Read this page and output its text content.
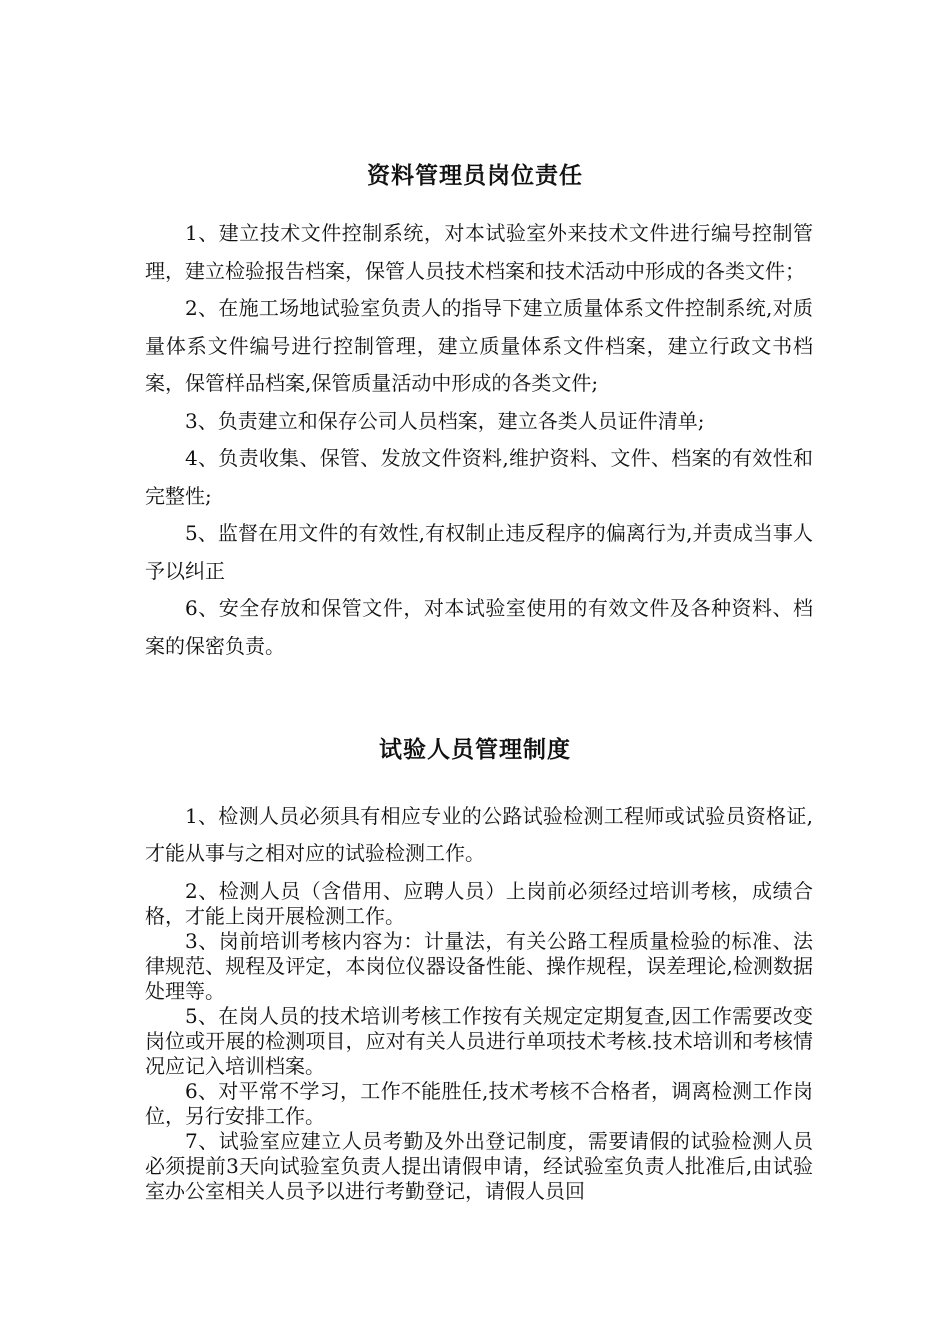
资料管理员岗位责任

1、建立技术文件控制系统，对本试验室外来技术文件进行编号控制管理，建立检验报告档案，保管人员技术档案和技术活动中形成的各类文件；

2、在施工场地试验室负责人的指导下建立质量体系文件控制系统,对质量体系文件编号进行控制管理，建立质量体系文件档案，建立行政文书档案，保管样品档案,保管质量活动中形成的各类文件;

3、负责建立和保存公司人员档案，建立各类人员证件清单;

4、负责收集、保管、发放文件资料,维护资料、文件、档案的有效性和完整性;

5、监督在用文件的有效性,有权制止违反程序的偏离行为,并责成当事人予以纠正

6、安全存放和保管文件，对本试验室使用的有效文件及各种资料、档案的保密负责。

试验人员管理制度

1、检测人员必须具有相应专业的公路试验检测工程师或试验员资格证,才能从事与之相对应的试验检测工作。

2、检测人员（含借用、应聘人员）上岗前必须经过培训考核，成绩合格，才能上岗开展检测工作。

3、岗前培训考核内容为：计量法，有关公路工程质量检验的标准、法律规范、规程及评定，本岗位仪器设备性能、操作规程，误差理论,检测数据处理等。

5、在岗人员的技术培训考核工作按有关规定定期复查,因工作需要改变岗位或开展的检测项目，应对有关人员进行单项技术考核.技术培训和考核情况应记入培训档案。

6、对平常不学习，工作不能胜任,技术考核不合格者，调离检测工作岗位，另行安排工作。

7、试验室应建立人员考勤及外出登记制度，需要请假的试验检测人员必须提前3天向试验室负责人提出请假申请，经试验室负责人批准后,由试验室办公室相关人员予以进行考勤登记，请假人员回
